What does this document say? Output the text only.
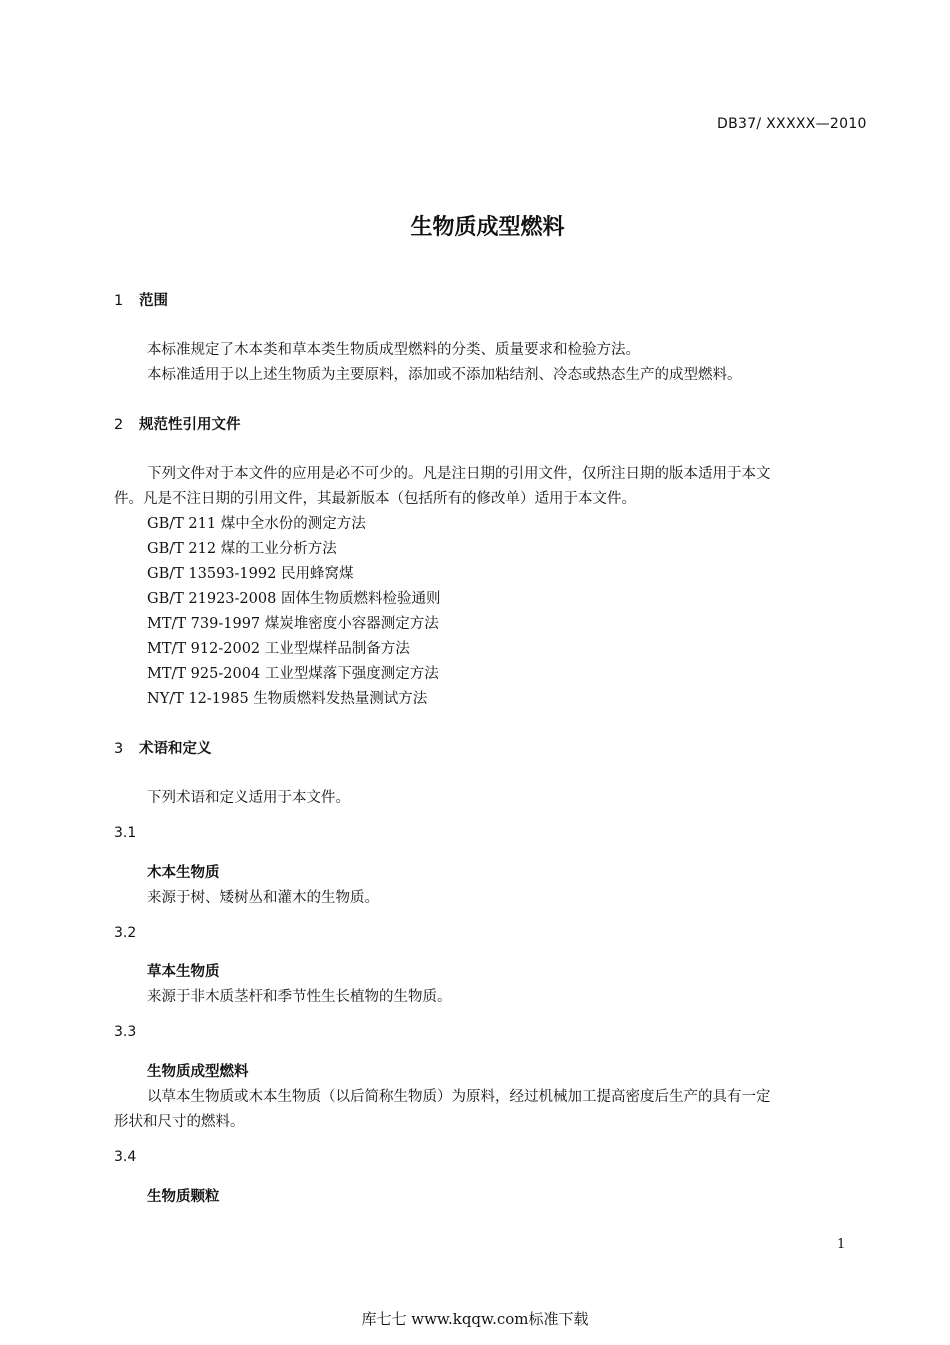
DB37/ XXXXX—2010
生物质成型燃料
1 范围
本标准规定了木本类和草本类生物质成型燃料的分类、质量要求和检验方法。
本标准适用于以上述生物质为主要原料，添加或不添加粘结剂、冷态或热态生产的成型燃料。
2 规范性引用文件
下列文件对于本文件的应用是必不可少的。凡是注日期的引用文件，仅所注日期的版本适用于本文
件。凡是不注日期的引用文件，其最新版本（包括所有的修改单）适用于本文件。
GB/T 211 煤中全水份的测定方法
GB/T 212 煤的工业分析方法
GB/T 13593-1992 民用蜂窝煤
GB/T 21923-2008 固体生物质燃料检验通则
MT/T 739-1997 煤炭堆密度小容器测定方法
MT/T 912-2002 工业型煤样品制备方法
MT/T 925-2004 工业型煤落下强度测定方法
NY/T 12-1985 生物质燃料发热量测试方法
3 术语和定义
下列术语和定义适用于本文件。
3.1
木本生物质
来源于树、矮树丛和灌木的生物质。
3.2
草本生物质
来源于非木质茎杆和季节性生长植物的生物质。
3.3
生物质成型燃料
以草本生物质或木本生物质（以后简称生物质）为原料，经过机械加工提高密度后生产的具有一定
形状和尺寸的燃料。
3.4
生物质颗粒
1
库七七 www.kqqw.com标准下载
